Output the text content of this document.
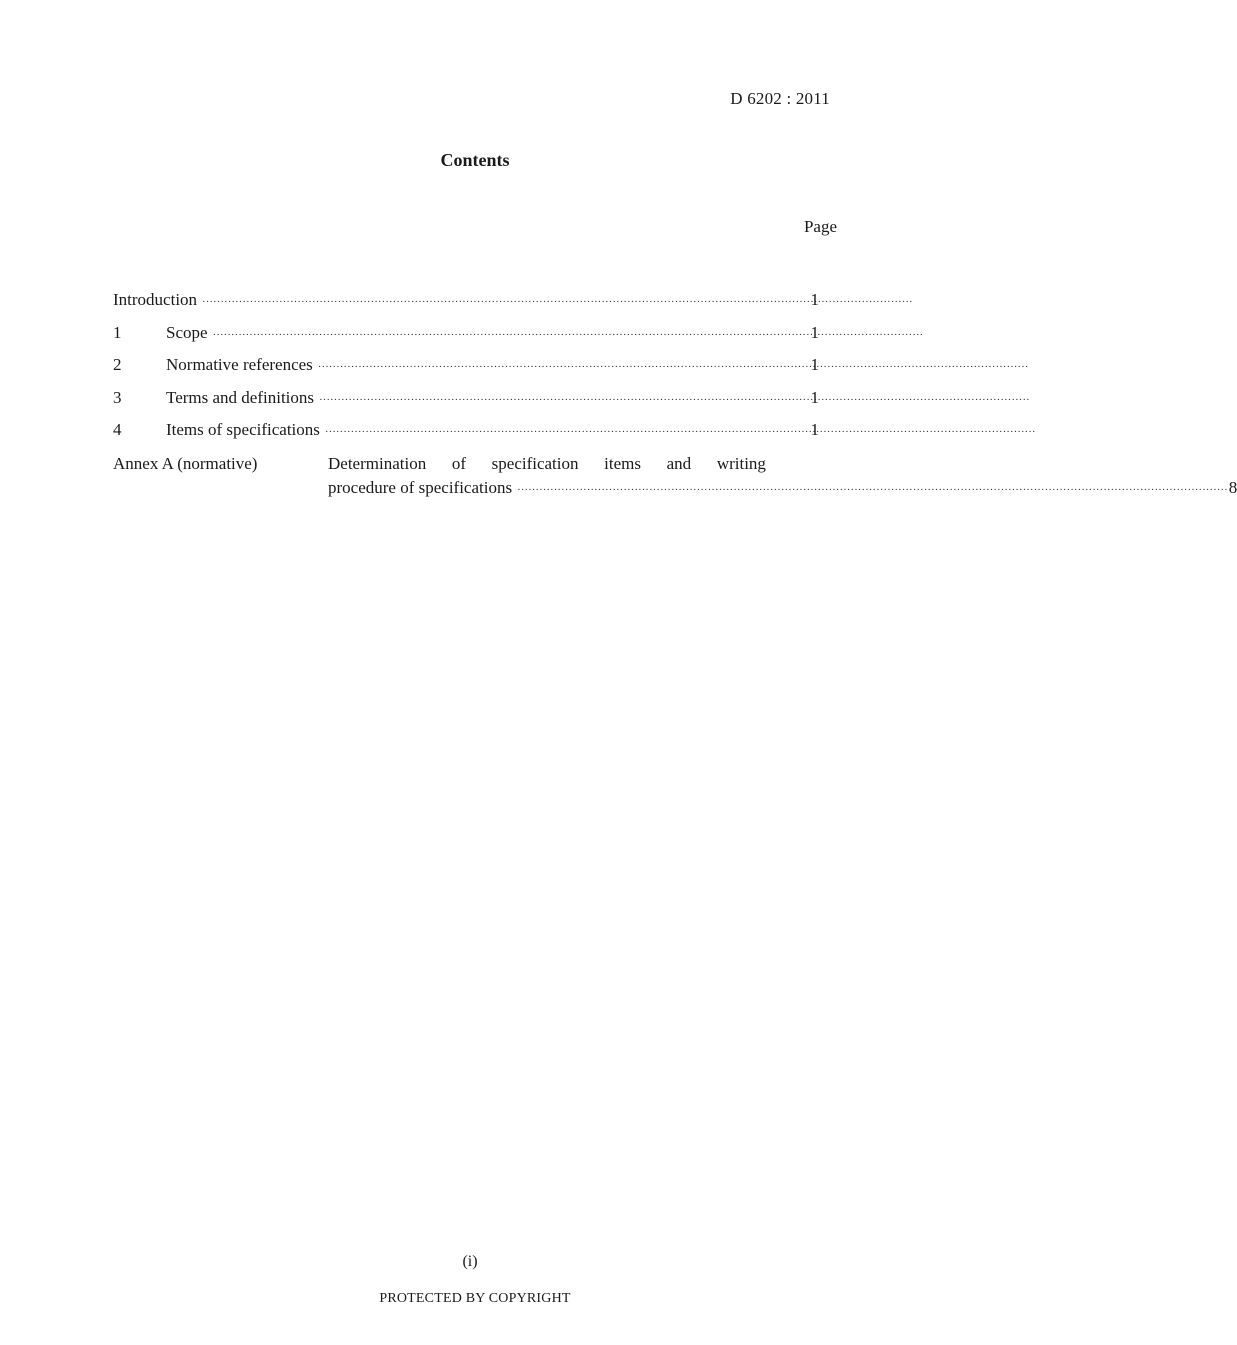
D 6202 : 2011
Contents
Page
Introduction ·····	1
1	Scope ·····	1
2	Normative references ·····	1
3	Terms and definitions ·····	1
4	Items of specifications ·····	1
Annex A (normative)	Determination of specification items and writing
procedure of specifications ·····	8
(i)
PROTECTED BY COPYRIGHT
